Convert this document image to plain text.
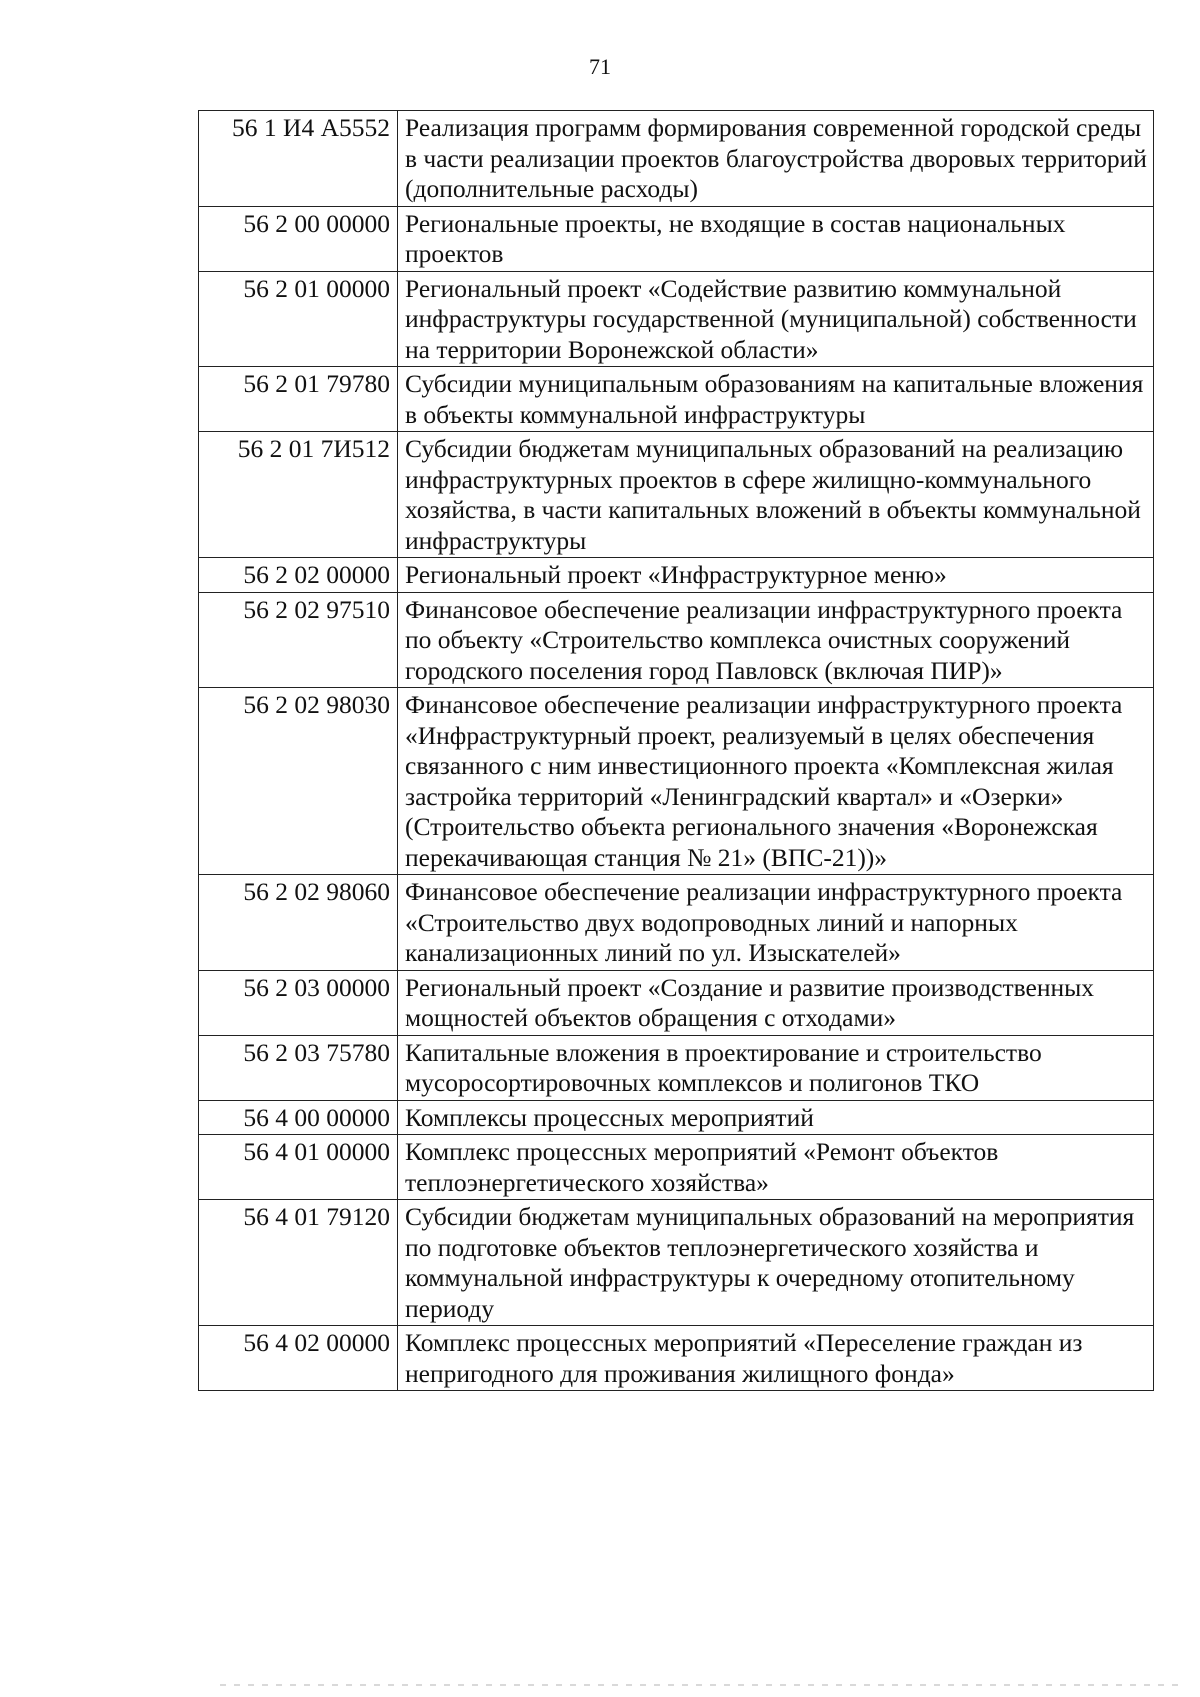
71
56 1 И4 А5552	Реализация программ формирования современной городской среды в части реализации проектов благоустройства дворовых территорий (дополнительные расходы)
56 2 00 00000	Региональные проекты, не входящие в состав национальных проектов
56 2 01 00000	Региональный проект «Содействие развитию коммунальной инфраструктуры государственной (муниципальной) собственности на территории Воронежской области»
56 2 01 79780	Субсидии муниципальным образованиям на капитальные вложения в объекты коммунальной инфраструктуры
56 2 01 7И512	Субсидии бюджетам муниципальных образований на реализацию инфраструктурных проектов в сфере жилищно-коммунального хозяйства, в части капитальных вложений в объекты коммунальной инфраструктуры
56 2 02 00000	Региональный проект «Инфраструктурное меню»
56 2 02 97510	Финансовое обеспечение реализации инфраструктурного проекта по объекту «Строительство комплекса очистных сооружений городского поселения город Павловск (включая ПИР)»
56 2 02 98030	Финансовое обеспечение реализации инфраструктурного проекта «Инфраструктурный проект, реализуемый в целях обеспечения связанного с ним инвестиционного проекта «Комплексная жилая застройка территорий «Ленинградский квартал» и «Озерки» (Строительство объекта регионального значения «Воронежская перекачивающая станция № 21» (ВПС-21))»
56 2 02 98060	Финансовое обеспечение реализации инфраструктурного проекта «Строительство двух водопроводных линий и напорных канализационных линий по ул. Изыскателей»
56 2 03 00000	Региональный проект «Создание и развитие производственных мощностей объектов обращения с отходами»
56 2 03 75780	Капитальные вложения в проектирование и строительство мусоросортировочных комплексов и полигонов ТКО
56 4 00 00000	Комплексы процессных мероприятий
56 4 01 00000	Комплекс процессных мероприятий «Ремонт объектов теплоэнергетического хозяйства»
56 4 01 79120	Субсидии бюджетам муниципальных образований на мероприятия по подготовке объектов теплоэнергетического хозяйства и коммунальной инфраструктуры к очередному отопительному периоду
56 4 02 00000	Комплекс процессных мероприятий «Переселение граждан из непригодного для проживания жилищного фонда»
